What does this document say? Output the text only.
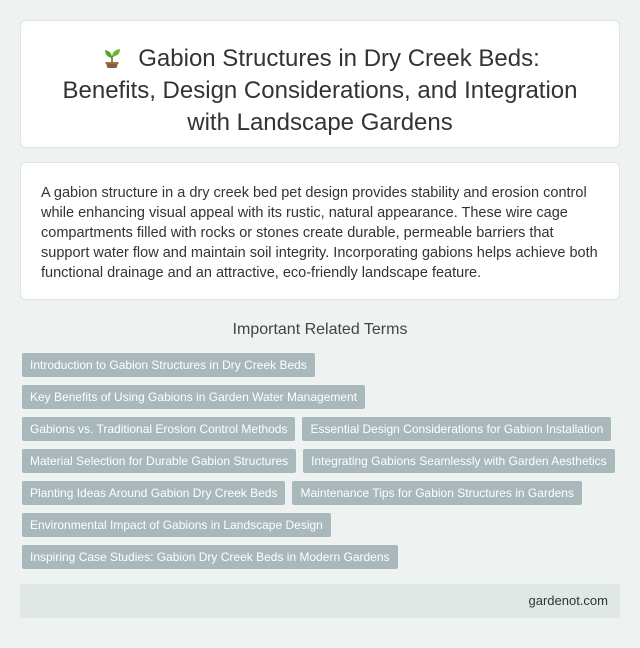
Gabion Structures in Dry Creek Beds: Benefits, Design Considerations, and Integration with Landscape Gardens

A gabion structure in a dry creek bed pet design provides stability and erosion control while enhancing visual appeal with its rustic, natural appearance. These wire cage compartments filled with rocks or stones create durable, permeable barriers that support water flow and maintain soil integrity. Incorporating gabions helps achieve both functional drainage and an attractive, eco-friendly landscape feature.

Important Related Terms
Introduction to Gabion Structures in Dry Creek Beds
Key Benefits of Using Gabions in Garden Water Management
Gabions vs. Traditional Erosion Control Methods	Essential Design Considerations for Gabion Installation
Material Selection for Durable Gabion Structures	Integrating Gabions Seamlessly with Garden Aesthetics
Planting Ideas Around Gabion Dry Creek Beds	Maintenance Tips for Gabion Structures in Gardens
Environmental Impact of Gabions in Landscape Design
Inspiring Case Studies: Gabion Dry Creek Beds in Modern Gardens
gardenot.com
